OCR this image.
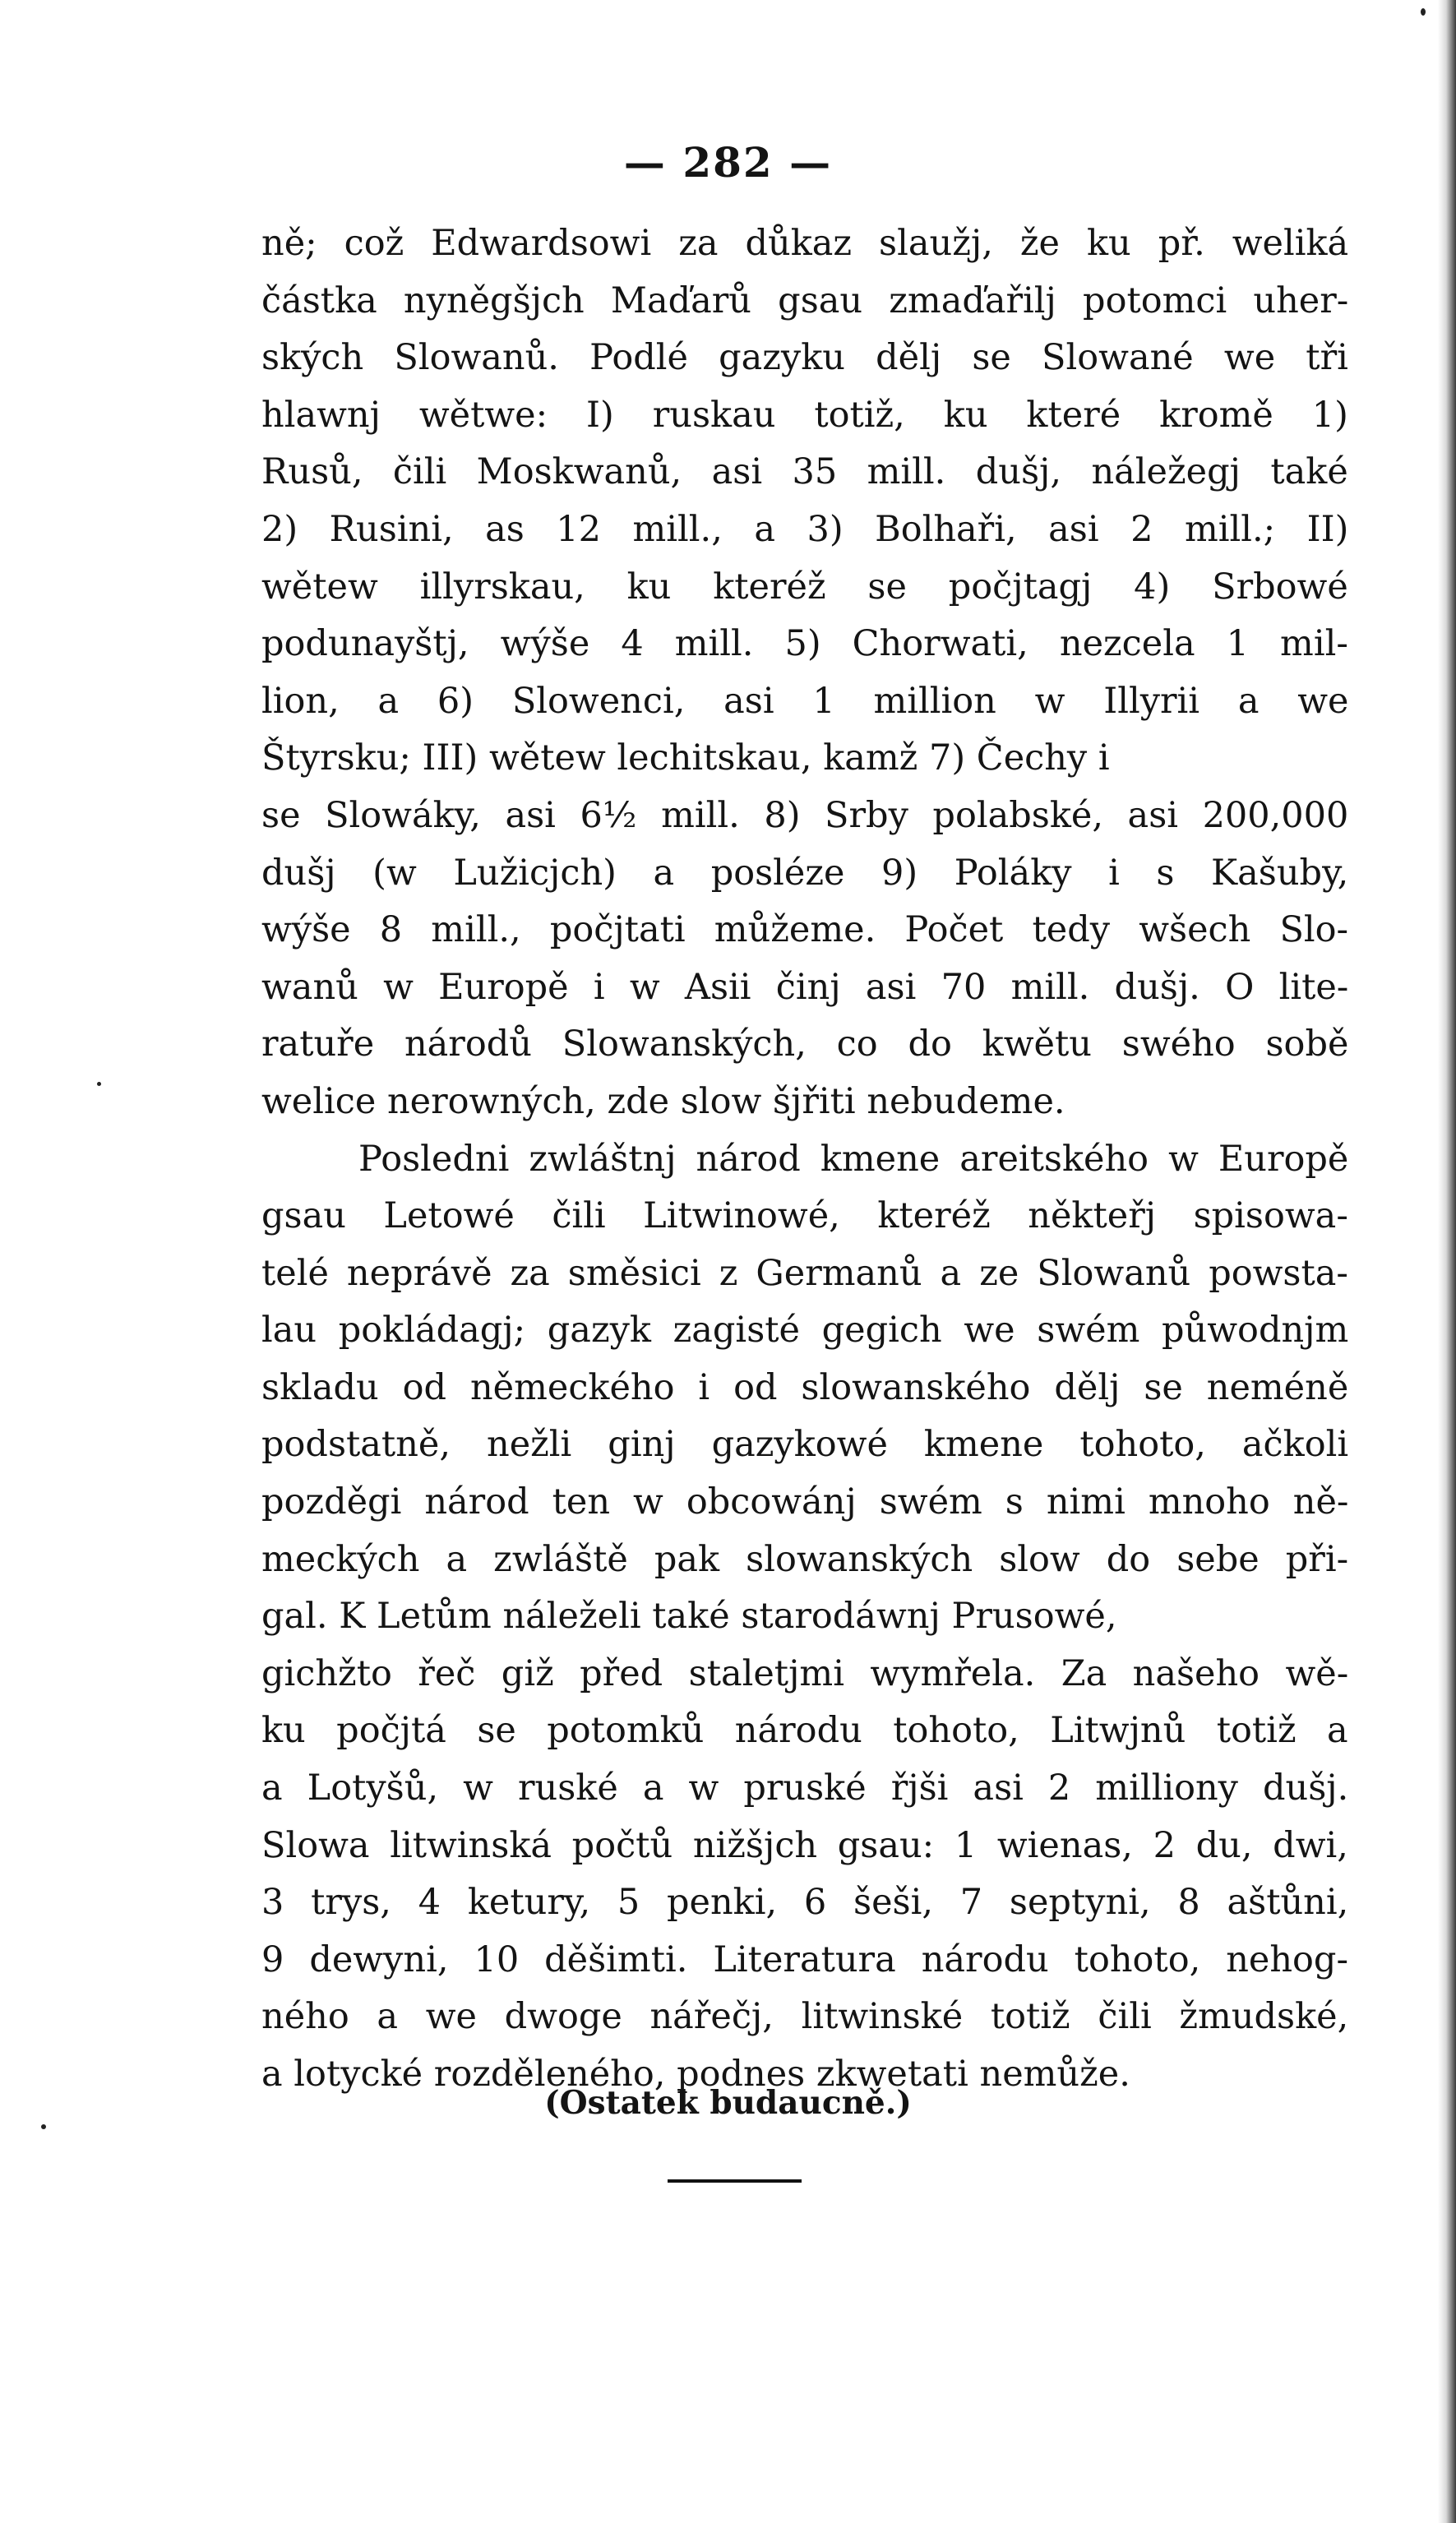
— 282 —
ně; což Edwardsowi za důkaz slaužj, že ku př. weliká
částka nyněgšjch Maďarů gsau zmaďařilj potomci uher-
ských Slowanů. Podlé gazyku dělj se Slowané we tři
hlawnj wětwe: I) ruskau totiž, ku které kromě 1)
Rusů, čili Moskwanů, asi 35 mill. dušj, náležegj také
2) Rusini, as 12 mill., a 3) Bolhaři, asi 2 mill.; II)
wětew illyrskau, ku kteréž se počjtagj 4) Srbowé
podunayštj, wýše 4 mill. 5) Chorwati, nezcela 1 mil-
lion, a 6) Slowenci, asi 1 million w Illyrii a we
Štyrsku; III) wětew lechitskau, kamž 7) Čechy i
se Slowáky, asi 6½ mill. 8) Srby polabské, asi 200,000
dušj (w Lužicjch) a posléze 9) Poláky i s Kašuby,
wýše 8 mill., počjtati můžeme. Počet tedy wšech Slo-
wanů w Europě i w Asii činj asi 70 mill. dušj. O lite-
ratuře národů Slowanských, co do kwětu swého sobě
welice nerowných, zde slow šjřiti nebudeme.
Posledni zwláštnj národ kmene areitského w Europě
gsau Letowé čili Litwinowé, kteréž někteřj spisowa-
telé neprávě za směsici z Germanů a ze Slowanů powsta-
lau pokládagj; gazyk zagisté gegich we swém půwodnjm
skladu od německého i od slowanského dělj se neméně
podstatně, nežli ginj gazykowé kmene tohoto, ačkoli
pozděgi národ ten w obcowánj swém s nimi mnoho ně-
meckých a zwláště pak slowanských slow do sebe při-
gal. K Letům náleželi také starodáwnj Prusowé,
gichžto řeč giž před staletjmi wymřela. Za našeho wě-
ku počjtá se potomků národu tohoto, Litwjnů totiž a
a Lotyšů, w ruské a w pruské řjši asi 2 milliony dušj.
Slowa litwinská počtů nižšjch gsau: 1 wienas, 2 du, dwi,
3 trys, 4 ketury, 5 penki, 6 šeši, 7 septyni, 8 aštůni,
9 dewyni, 10 děšimti. Literatura národu tohoto, nehog-
ného a we dwoge nářečj, litwinské totiž čili žmudské,
a lotycké rozděleného, podnes zkwetati nemůže.
(Ostatek budaucně.)
